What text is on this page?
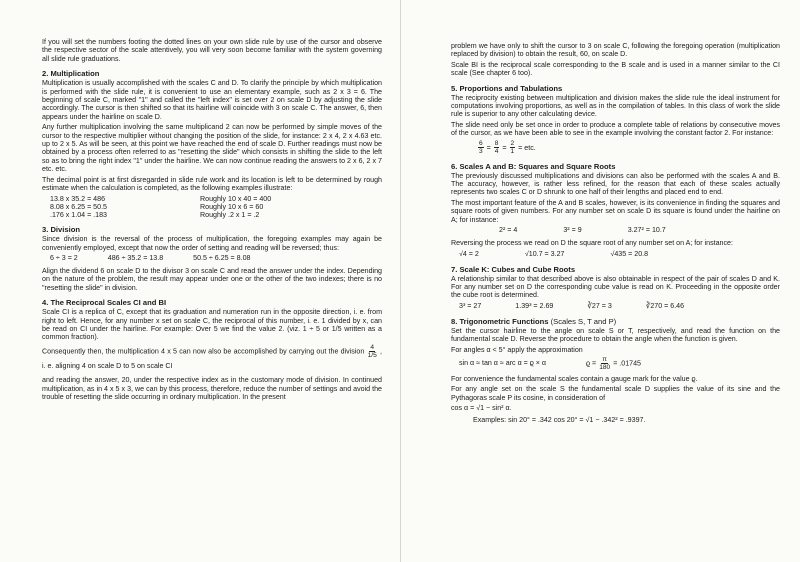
If you will set the numbers footing the dotted lines on your own slide rule by use of the cursor and observe the respective sector of the scale attentively, you will very soon become familiar with the system governing all slide rule graduations.

2. Multiplication

Multiplication is usually accomplished with the scales C and D. To clarify the principle by which multiplication is performed with the slide rule, it is convenient to use an elementary example, such as 2 x 3 = 6. The beginning of scale C, marked "1" and called the "left index" is set over 2 on scale D by adjusting the slide accordingly. The cursor is then shifted so that its hairline will coincide with 3 on scale C. The answer, 6, then appears under the hairline on scale D.

Any further multiplication involving the same multiplicand 2 can now be performed by simple moves of the cursor to the respective multiplier without changing the position of the slide, for instance: 2 x 4, 2 x 4.63 etc. up to 2 x 5. As will be seen, at this point we have reached the end of scale D. Further readings must now be obtained by a process often referred to as "resetting the slide" which consists in shifting the slide to the left so as to bring the right index "1" under the hairline. We can now continue reading the answers to 2 x 6, 2 x 7 etc. etc.

The decimal point is at first disregarded in slide rule work and its location is left to be determined by rough estimate when the calculation is completed, as the following examples illustrate:

13.8 x 35.2 = 486	Roughly 10 x 40 = 400
8.08 x 6.25 = 50.5	Roughly 10 x 6 = 60
.176 x 1.04 = .183	Roughly .2 x 1 = .2
3. Division

Since division is the reversal of the process of multiplication, the foregoing examples may again be conveniently employed, except that now the order of setting and reading will be reversed; thus:

6 ÷ 3 = 2	486 ÷ 35.2 = 13.8	50.5 ÷ 6.25 = 8.08

Align the dividend 6 on scale D to the divisor 3 on scale C and read the answer under the index. Depending on the nature of the problem, the result may appear under one or the other of the two indexes; there is no "resetting the slide" in division.

4. The Reciprocal Scales CI and BI

Scale CI is a replica of C, except that its graduation and numeration run in the opposite direction, i. e. from right to left. Hence, for any number x set on scale C, the reciprocal of this number, i. e. 1 divided by x, can be read on CI under the hairline. For example: Over 5 we find the value 2. (viz. 1 ÷ 5 or 1/5 written as a common fraction).

Consequently then, the multiplication 4 x 5 can now also be accomplished by carrying out the division $\frac{4}{1/5}$ , i. e. aligning 4 on scale D to 5 on scale CI

and reading the answer, 20, under the respective index as in the customary mode of division. In continued multiplication, as in 4 x 5 x 3, we can by this process, therefore, reduce the number of settings and avoid the trouble of resetting the slide occurring in ordinary multiplication. In the present

problem we have only to shift the cursor to 3 on scale C, following the foregoing operation (multiplication replaced by division) to obtain the result, 60, on scale D.

Scale BI is the reciprocal scale corresponding to the B scale and is used in a manner similar to the CI scale (See chapter 6 too).

5. Proportions and Tabulations

The reciprocity existing between multiplication and division makes the slide rule the ideal instrument for computations involving proportions, as well as in the compilation of tables. In this class of work the slide rule is superior to any other calculating device.

The slide need only be set once in order to produce a complete table of relations by consecutive moves of the cursor, as we have been able to see in the example involving the constant factor 2. For instance:

$\frac{6}{3} = \frac{8}{4} = \frac{2}{1}$ = etc.
6. Scales A and B: Squares and Square Roots

The previously discussed multiplications and divisions can also be performed with the scales A and B. The accuracy, however, is rather less refined, for the reason that each of these scales actually represents two scales C or D shrunk to one half of their lengths and placed end to end.

The most important feature of the A and B scales, however, is its convenience in finding the squares and square roots of given numbers. For any number set on scale D its square is found under the hairline on A; for instance:

2² = 4	3² = 9	3.27² = 10.7

Reversing the process we read on D the square root of any number set on A; for instance:

√4 = 2	√10.7 = 3.27	√435 = 20.8
7. Scale K: Cubes and Cube Roots

A relationship similar to that described above is also obtainable in respect of the pair of scales D and K. For any number set on D the corresponding cube value is read on K. Proceeding in the opposite order the cube root is determined.

3³ = 27	1.39³ = 2.69	∛27 = 3	∛270 = 6.46
8. Trigonometric Functions (Scales S, T and P)

Set the cursor hairline to the angle on scale S or T, respectively, and read the function on the fundamental scale D. Reverse the procedure to obtain the angle when the function is given.

For angles α < 5° apply the approximation

sin α ≈ tan α ≈ arc α = ϱ × α	$ϱ = \frac{\pi}{180} = .01745$

For convenience the fundamental scales contain a gauge mark for the value ϱ.

For any angle set on the scale S the fundamental scale D supplies the value of its sine and the Pythagoras scale P its cosine, in consideration of

cos α = √1 − sin² α.

Examples: sin 20° = .342 cos 20° = √1 − .342² = .9397.
